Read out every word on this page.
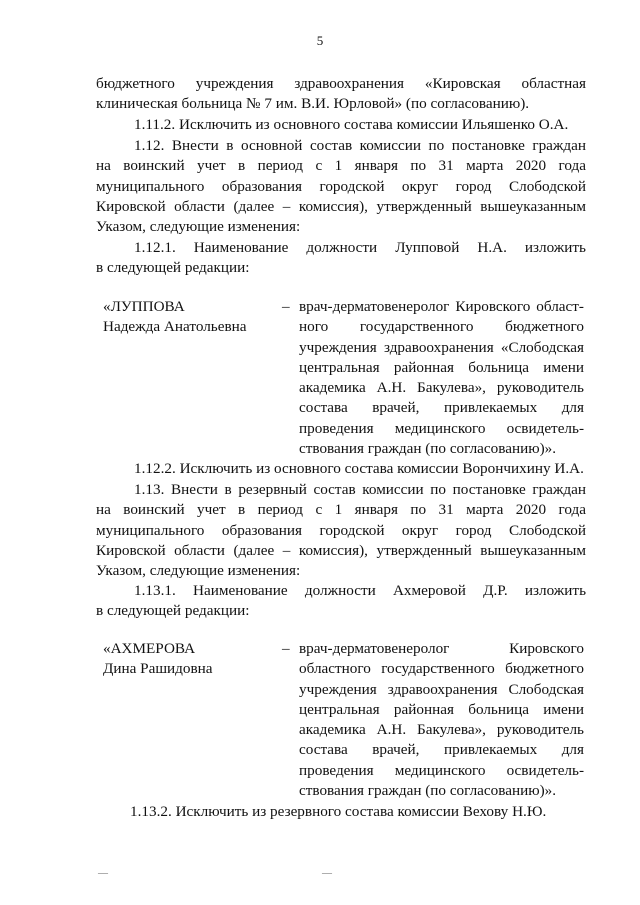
5
бюджетного учреждения здравоохранения «Кировская областная
клиническая больница № 7 им. В.И. Юрловой» (по согласованию).
1.11.2. Исключить из основного состава комиссии Ильяшенко О.А.
1.12. Внести в основной состав комиссии по постановке граждан
на воинский учет в период с 1 января по 31 марта 2020 года
муниципального образования городской округ город Слободской
Кировской области (далее – комиссия), утвержденный вышеуказанным
Указом, следующие изменения:
1.12.1. Наименование должности Лупповой Н.А. изложить
в следующей редакции:
«ЛУППОВА
Надежда Анатольевна
– врач-дерматовенеролог Кировского област-
ного государственного бюджетного
учреждения здравоохранения «Слободская
центральная районная больница имени
академика А.Н. Бакулева», руководитель
состава врачей, привлекаемых для
проведения медицинского освидетель-
ствования граждан (по согласованию)».
1.12.2. Исключить из основного состава комиссии Ворончихину И.А.
1.13. Внести в резервный состав комиссии по постановке граждан
на воинский учет в период с 1 января по 31 марта 2020 года
муниципального образования городской округ город Слободской
Кировской области (далее – комиссия), утвержденный вышеуказанным
Указом, следующие изменения:
1.13.1. Наименование должности Ахмеровой Д.Р. изложить
в следующей редакции:
«АХМЕРОВА
Дина Рашидовна
– врач-дерматовенеролог Кировского
областного государственного бюджетного
учреждения здравоохранения Слободская
центральная районная больница имени
академика А.Н. Бакулева», руководитель
состава врачей, привлекаемых для
проведения медицинского освидетель-
ствования граждан (по согласованию)».
1.13.2. Исключить из резервного состава комиссии Вехову Н.Ю.
—	—
